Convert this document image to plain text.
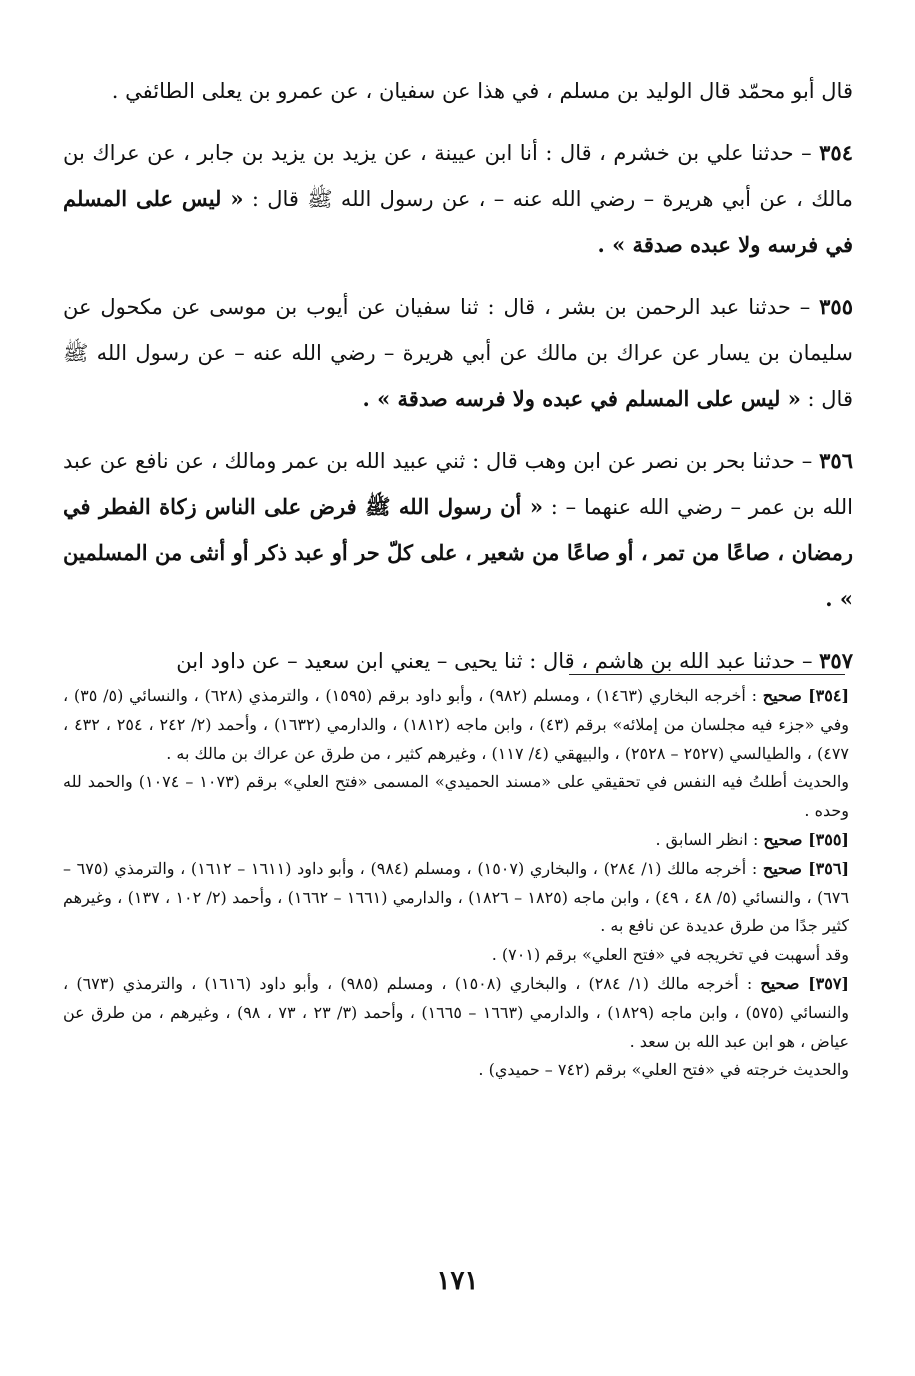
قال أبو محمّد قال الوليد بن مسلم ، في هذا عن سفيان ، عن عمرو بن يعلى الطائفي .

٣٥٤ – حدثنا علي بن خشرم ، قال : أنا ابن عيينة ، عن يزيد بن يزيد بن جابر ، عن عراك بن مالك ، عن أبي هريرة – رضي الله عنه – ، عن رسول الله ﷺ قال : « ليس على المسلم في فرسه ولا عبده صدقة » .

٣٥٥ – حدثنا عبد الرحمن بن بشر ، قال : ثنا سفيان عن أيوب بن موسى عن مكحول عن سليمان بن يسار عن عراك بن مالك عن أبي هريرة – رضي الله عنه – عن رسول الله ﷺ قال : « ليس على المسلم في عبده ولا فرسه صدقة » .

٣٥٦ – حدثنا بحر بن نصر عن ابن وهب قال : ثني عبيد الله بن عمر ومالك ، عن نافع عن عبد الله بن عمر – رضي الله عنهما – : « أن رسول الله ﷺ فرض على الناس زكاة الفطر في رمضان ، صاعًا من تمر ، أو صاعًا من شعير ، على كلّ حر أو عبد ذكر أو أنثى من المسلمين » .

٣٥٧ – حدثنا عبد الله بن هاشم ، قال : ثنا يحيى – يعني ابن سعيد – عن داود ابن

[٣٥٤] صحيح : أخرجه البخاري (١٤٦٣) ، ومسلم (٩٨٢) ، وأبو داود برقم (١٥٩٥) ، والترمذي (٦٢٨) ، والنسائي (٥/ ٣٥) ، وفي «جزء فيه مجلسان من إملائه» برقم (٤٣) ، وابن ماجه (١٨١٢) ، والدارمي (١٦٣٢) ، وأحمد (٢/ ٢٤٢ ، ٢٥٤ ، ٤٣٢ ، ٤٧٧) ، والطيالسي (٢٥٢٧ – ٢٥٢٨) ، والبيهقي (٤/ ١١٧) ، وغيرهم كثير ، من طرق عن عراك بن مالك به .

والحديث أطلتُ فيه النفس في تحقيقي على «مسند الحميدي» المسمى «فتح العلي» برقم (١٠٧٣ – ١٠٧٤) والحمد لله وحده .

[٣٥٥] صحيح : انظر السابق .

[٣٥٦] صحيح : أخرجه مالك (١/ ٢٨٤) ، والبخاري (١٥٠٧) ، ومسلم (٩٨٤) ، وأبو داود (١٦١١ – ١٦١٢) ، والترمذي (٦٧٥ – ٦٧٦) ، والنسائي (٥/ ٤٨ ، ٤٩) ، وابن ماجه (١٨٢٥ – ١٨٢٦) ، والدارمي (١٦٦١ – ١٦٦٢) ، وأحمد (٢/ ١٠٢ ، ١٣٧) ، وغيرهم كثير جدًا من طرق عديدة عن نافع به .

وقد أسهبت في تخريجه في «فتح العلي» برقم (٧٠١) .

[٣٥٧] صحيح : أخرجه مالك (١/ ٢٨٤) ، والبخاري (١٥٠٨) ، ومسلم (٩٨٥) ، وأبو داود (١٦١٦) ، والترمذي (٦٧٣) ، والنسائي (٥٧٥) ، وابن ماجه (١٨٢٩) ، والدارمي (١٦٦٣ – ١٦٦٥) ، وأحمد (٣/ ٢٣ ، ٧٣ ، ٩٨) ، وغيرهم ، من طرق عن عياض ، هو ابن عبد الله بن سعد .

والحديث خرجته في «فتح العلي» برقم (٧٤٢ – حميدي) .

١٧١
